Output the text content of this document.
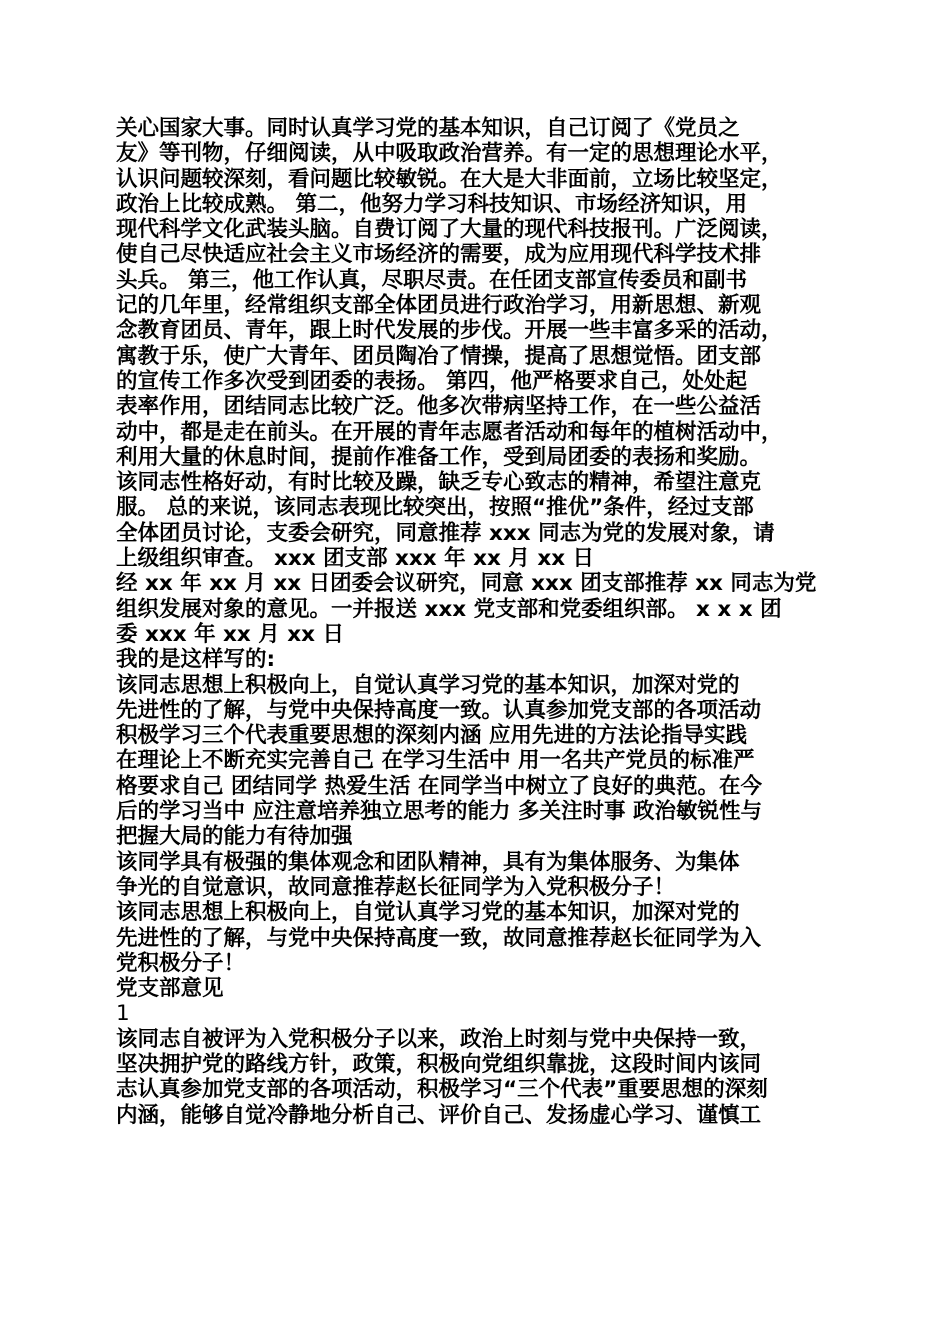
关心国家大事。同时认真学习党的基本知识，自己订阅了《党员之
友》等刊物，仔细阅读，从中吸取政治营养。有一定的思想理论水平，
认识问题较深刻，看问题比较敏锐。在大是大非面前，立场比较坚定，
政治上比较成熟。 第二，他努力学习科技知识、市场经济知识，用
现代科学文化武装头脑。自费订阅了大量的现代科技报刊。广泛阅读，
使自己尽快适应社会主义市场经济的需要，成为应用现代科学技术排
头兵。 第三，他工作认真，尽职尽责。在任团支部宣传委员和副书
记的几年里，经常组织支部全体团员进行政治学习，用新思想、新观
念教育团员、青年，跟上时代发展的步伐。开展一些丰富多采的活动，
寓教于乐，使广大青年、团员陶冶了情操，提高了思想觉悟。团支部
的宣传工作多次受到团委的表扬。 第四，他严格要求自己，处处起
表率作用，团结同志比较广泛。他多次带病坚持工作，在一些公益活
动中，都是走在前头。在开展的青年志愿者活动和每年的植树活动中，
利用大量的休息时间，提前作准备工作，受到局团委的表扬和奖励。
该同志性格好动，有时比较及躁，缺乏专心致志的精神，希望注意克
服。 总的来说，该同志表现比较突出，按照“推优”条件，经过支部
全体团员讨论，支委会研究，同意推荐 xxx 同志为党的发展对象，请
上级组织审查。 xxx 团支部 xxx 年 xx 月 xx 日
经 xx 年 xx 月 xx 日团委会议研究，同意 xxx 团支部推荐 xx 同志为党
组织发展对象的意见。一并报送 xxx 党支部和党委组织部。 x x x 团
委 xxx 年 xx 月 xx 日
我的是这样写的:
该同志思想上积极向上，自觉认真学习党的基本知识，加深对党的
先进性的了解，与党中央保持高度一致。认真参加党支部的各项活动
积极学习三个代表重要思想的深刻内涵 应用先进的方法论指导实践
在理论上不断充实完善自己 在学习生活中 用一名共产党员的标准严
格要求自己 团结同学 热爱生活 在同学当中树立了良好的典范。在今
后的学习当中 应注意培养独立思考的能力 多关注时事 政治敏锐性与
把握大局的能力有待加强
该同学具有极强的集体观念和团队精神，具有为集体服务、为集体
争光的自觉意识，故同意推荐赵长征同学为入党积极分子！
该同志思想上积极向上，自觉认真学习党的基本知识，加深对党的
先进性的了解，与党中央保持高度一致，故同意推荐赵长征同学为入
党积极分子！
党支部意见
1
该同志自被评为入党积极分子以来，政治上时刻与党中央保持一致，
坚决拥护党的路线方针，政策，积极向党组织靠拢，这段时间内该同
志认真参加党支部的各项活动，积极学习“三个代表”重要思想的深刻
内涵，能够自觉冷静地分析自己、评价自己、发扬虚心学习、谨慎工
